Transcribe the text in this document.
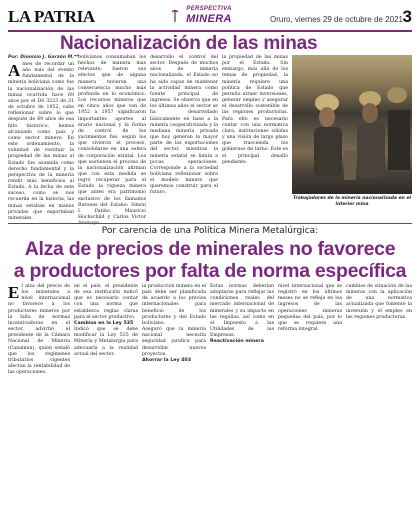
LA PATRIA	PERSPECTIVA
MINERA	Oruro, viernes 29 de octubre de 2021 3
Nacionalización de las minas
Por: Dionisio J. Garzón M.**
Antes de recordar un año más del evento fundamental de la minería boliviana como fue la nacionalización de las minas ocurrida hace 69 años por el DS 3223 de 31 de octubre de 1952, cabe reflexionar sobre lo que después de 69 años de esa hito histórico, hemos alcanzado como país y como sector minero. En este ordenamiento, la voluntad de restituir la propiedad de las minas al Estado fue asumida como derecho fundamental y la perspectiva de la minería rendir más beneficios al Estado. A la fecha de este suceso, como se nos recuerda en la historia, las minas estaban en manos privadas que exportaban minerales.
bolivianos consumaban los hechos de manera más relevante: fueron sus efectos que de alguna manera tuvieron una consecuencia mucho más profunda en lo económico. Los recursos mineros que en cinco años que van de 1952 a 1957 significaron importantes aportes al erario nacional y la forma de control de los yacimientos fue, según los que vivieron el proceso, consolidarse en una esfera de corporación estatal. Los que sostienen el proceso de la nacionalización afirman que con esta medida se logró recuperar para el Estado la riqueza minera que antes era patrimonio exclusivo de los llamados Barones del Estaño: Simón I. Patiño, Mauricio Hochschild y Carlos Víctor
desarrollo el control del sector. Después de muchos años de minería nacionalizada, el Estado no ha sido capaz de mantener la actividad minera como fuente principal de ingresos. Se observa que en los últimos años el sector se ha desarrollado básicamente en base a la minería cooperativizada y la mediana minería privada que hoy generan la mayor parte de las exportaciones del sector, mientras la minería estatal se limita a pocas operaciones. Corresponde a la sociedad boliviana reflexionar sobre el modelo minero que queremos construir para el futuro.
la propiedad de las minas por el Estado. Sin embargo, más allá de los temas de propiedad, la minería requiere una política de Estado que permita atraer inversiones, generar empleo y asegurar el desarrollo sostenible de las regiones productoras. Para ello es necesario contar con una normativa clara, instituciones sólidas y una visión de largo plazo que trascienda los gobiernos de turno. Éste es el principal desafío pendiente.
Trabajadores de la minería nacionalizada en el interior mina
Por carencia de una Política Minera Metalúrgica:
Alza de precios de minerales no favorece
a productores por falta de norma específica
El alza del precio de los minerales a nivel internacional no favorece a los productores mineros por la falta de normas incentivadoras en el sector, advirtió el presidente de la Cámara Nacional de Minería (Canalmin), quien señaló que los regímenes tributarios vigentes afectan la rentabilidad de las operaciones.
en el país, el presidente de esa institución indicó que es necesario contar con una norma que establezca reglas claras para el sector productivo.
Cambios en la Ley 535
Indicó que se debe modificar la Ley 535 de Minería y Metalurgia para adecuarla a la realidad actual del sector.
la producción minera en el país debe ser planificada de acuerdo a los precios internacionales para beneficio de los productores y del Estado boliviano.
Aseguró que la minería nacional necesita seguridad jurídica para desarrollar nuevos proyectos.
Ahorrar la Ley 403
Estas normas deberían adoptarse para reflejar las condiciones reales del mercado internacional de minerales y su impacto en las regalías, así como en el Impuesto a las Utilidades de las Empresas.
Reactivación minera
nivel internacional que se registró en los últimos meses no se refleja en los ingresos de las operaciones mineras pequeñas del país, por lo que se requiere una reforma integral.
cambios de situación de las mineras con la aplicación de una normativa actualizada que fomente la inversión y el empleo en las regiones productoras.
